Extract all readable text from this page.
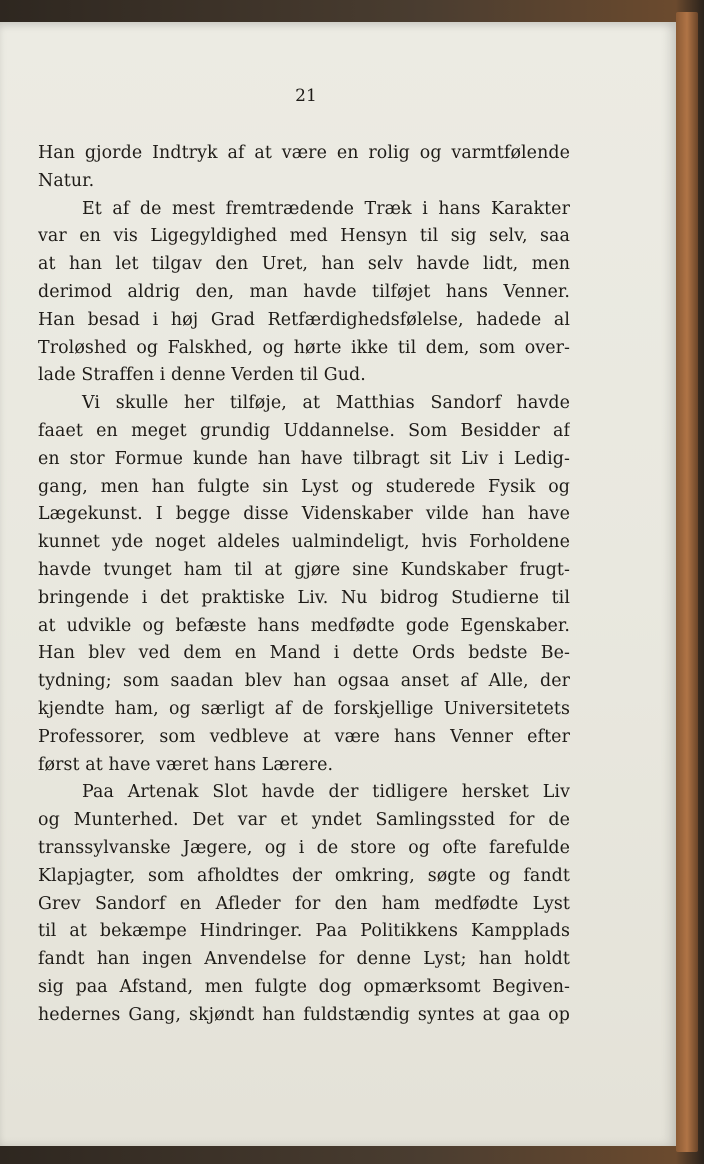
21
Han gjorde Indtryk af at være en rolig og varmtfølende
Natur.
Et af de mest fremtrædende Træk i hans Karakter
var en vis Ligegyldighed med Hensyn til sig selv, saa
at han let tilgav den Uret, han selv havde lidt, men
derimod aldrig den, man havde tilføjet hans Venner.
Han besad i høj Grad Retfærdighedsfølelse, hadede al
Troløshed og Falskhed, og hørte ikke til dem, som over-
lade Straffen i denne Verden til Gud.
Vi skulle her tilføje, at Matthias Sandorf havde
faaet en meget grundig Uddannelse. Som Besidder af
en stor Formue kunde han have tilbragt sit Liv i Ledig-
gang, men han fulgte sin Lyst og studerede Fysik og
Lægekunst. I begge disse Videnskaber vilde han have
kunnet yde noget aldeles ualmindeligt, hvis Forholdene
havde tvunget ham til at gjøre sine Kundskaber frugt-
bringende i det praktiske Liv. Nu bidrog Studierne til
at udvikle og befæste hans medfødte gode Egenskaber.
Han blev ved dem en Mand i dette Ords bedste Be-
tydning; som saadan blev han ogsaa anset af Alle, der
kjendte ham, og særligt af de forskjellige Universitetets
Professorer, som vedbleve at være hans Venner efter
først at have været hans Lærere.
Paa Artenak Slot havde der tidligere hersket Liv
og Munterhed. Det var et yndet Samlingssted for de
transsylvanske Jægere, og i de store og ofte farefulde
Klapjagter, som afholdtes der omkring, søgte og fandt
Grev Sandorf en Afleder for den ham medfødte Lyst
til at bekæmpe Hindringer. Paa Politikkens Kampplads
fandt han ingen Anvendelse for denne Lyst; han holdt
sig paa Afstand, men fulgte dog opmærksomt Begiven-
hedernes Gang, skjøndt han fuldstændig syntes at gaa op
